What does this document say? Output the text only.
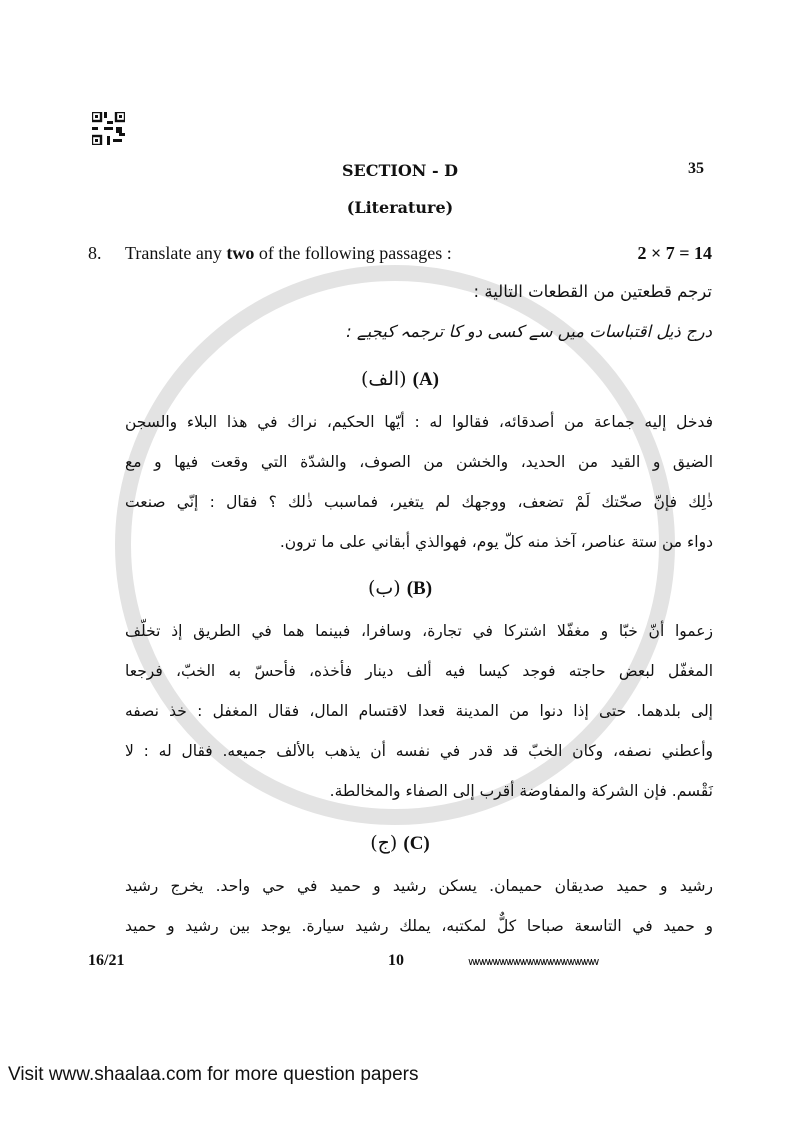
SECTION - D	35
(Literature)
8.	Translate any two of the following passages :	2 × 7 = 14
ترجم قطعتين من القطعات التالية :
درج ذیل اقتباسات میں سے کسی دو کا ترجمہ کیجیے :
(الف) (A)
فدخل إليه جماعة من أصدقائه، فقالوا له : أيّها الحكيم، نراك في هذا البلاء والسجن
الضيق و القيد من الحديد، والخشن من الصوف، والشدّة التي وقعت فيها و مع
ذٰلِك فإنّ صحّتك لَمْ تضعف، ووجهك لم يتغير، فماسبب ذٰلك ؟ فقال : إنّي صنعت
دواء من ستة عناصر، آخذ منه كلّ يوم، فهوالذي أبقاني على ما ترون.
(ب) (B)
زعموا أنّ خبّا و مغفّلا اشتركا في تجارة، وسافرا، فبينما هما في الطريق إذ تخلّف
المغفّل لبعض حاجته فوجد كيسا فيه ألف دينار فأخذه، فأحسّ به الخبّ، فرجعا
إلى بلدهما. حتى إذا دنوا من المدينة قعدا لاقتسام المال، فقال المغفل : خذ نصفه
وأعطني نصفه، وكان الخبّ قد قدر في نفسه أن يذهب بالألف جميعه. فقال له : لا
نَقْسم. فإن الشركة والمفاوضة أقرب إلى الصفاء والمخالطة.
(ج) (C)
رشيد و حميد صديقان حميمان. يسكن رشيد و حميد في حي واحد. يخرج رشيد
و حميد في التاسعة صباحا كلٌّ لمكتبه، يملك رشيد سيارة. يوجد بين رشيد و حميد
16/21	10	wwwwwwwwwwwwwwwwwww
Visit www.shaalaa.com for more question papers
